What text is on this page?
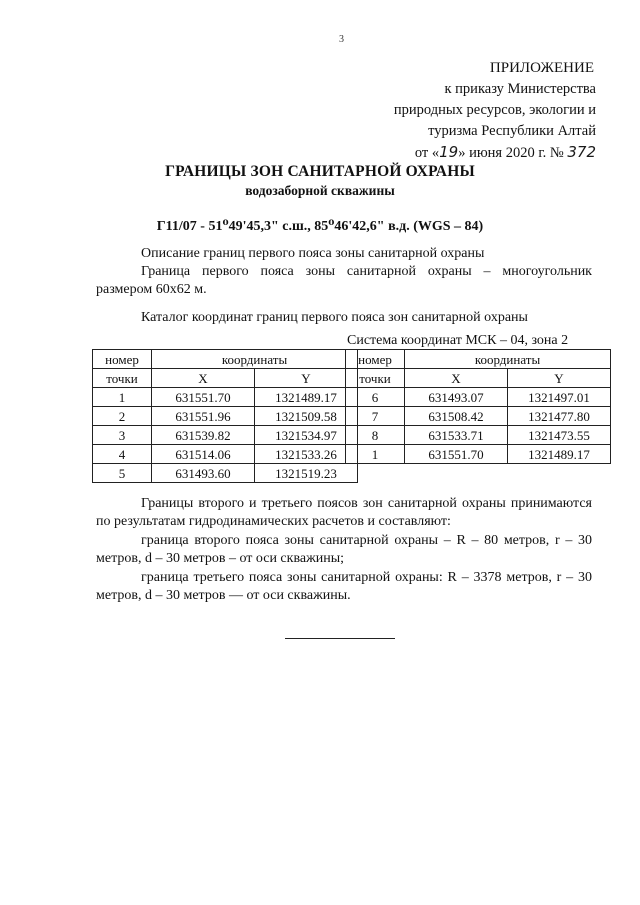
3
ПРИЛОЖЕНИЕ
к приказу Министерства
природных ресурсов, экологии и
туризма Республики Алтай
от «19» июня 2020 г. № 372
ГРАНИЦЫ ЗОН САНИТАРНОЙ ОХРАНЫ
водозаборной скважины
Г11/07 - 51⁰49'45,3" с.ш., 85⁰46'42,6" в.д. (WGS – 84)
Описание границ первого пояса зоны санитарной охраны
Граница первого пояса зоны санитарной охраны – многоугольник размером 60х62 м.
Каталог координат границ первого пояса зон санитарной охраны
Система координат МСК – 04, зона 2
номер	координаты	
точки	X	Y
1	631551.70	1321489.17
2	631551.96	1321509.58
3	631539.82	1321534.97
4	631514.06	1321533.26
5	631493.60	1321519.23
номер	координаты	
точки	X	Y
6	631493.07	1321497.01
7	631508.42	1321477.80
8	631533.71	1321473.55
1	631551.70	1321489.17
Границы второго и третьего поясов зон санитарной охраны принимаются по результатам гидродинамических расчетов и составляют:
граница второго пояса зоны санитарной охраны – R – 80 метров, r – 30 метров, d – 30 метров – от оси скважины;
граница третьего пояса зоны санитарной охраны: R – 3378 метров, r – 30 метров, d – 30 метров — от оси скважины.
